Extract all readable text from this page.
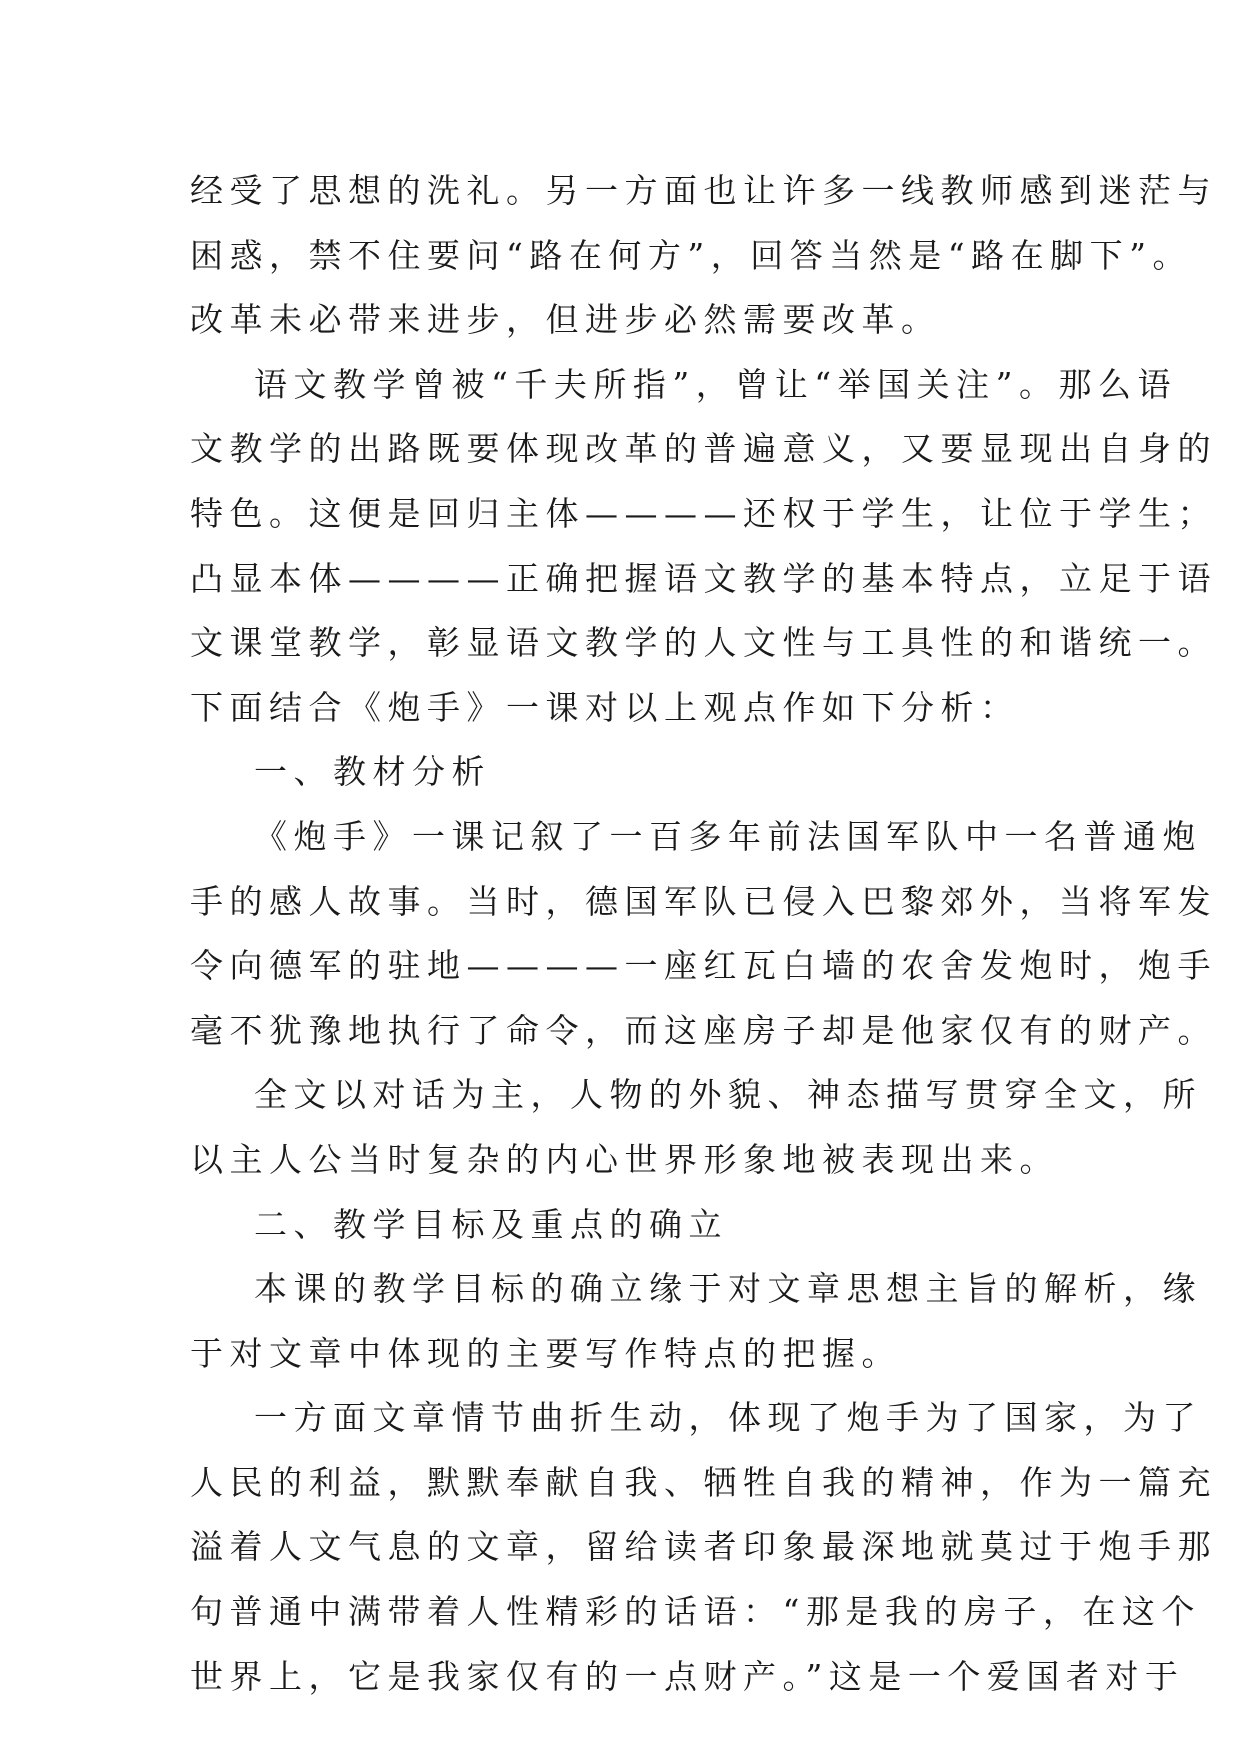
经受了思想的洗礼。另一方面也让许多一线教师感到迷茫与
困惑，禁不住要问“路在何方”，回答当然是“路在脚下”。
改革未必带来进步，但进步必然需要改革。
语文教学曾被“千夫所指”，曾让“举国关注”。那么语
文教学的出路既要体现改革的普遍意义，又要显现出自身的
特色。这便是回归主体————还权于学生，让位于学生；
凸显本体————正确把握语文教学的基本特点，立足于语
文课堂教学，彰显语文教学的人文性与工具性的和谐统一。
下面结合《炮手》一课对以上观点作如下分析：
一、教材分析
《炮手》一课记叙了一百多年前法国军队中一名普通炮
手的感人故事。当时，德国军队已侵入巴黎郊外，当将军发
令向德军的驻地————一座红瓦白墙的农舍发炮时，炮手
毫不犹豫地执行了命令，而这座房子却是他家仅有的财产。
全文以对话为主，人物的外貌、神态描写贯穿全文，所
以主人公当时复杂的内心世界形象地被表现出来。
二、教学目标及重点的确立
本课的教学目标的确立缘于对文章思想主旨的解析，缘
于对文章中体现的主要写作特点的把握。
一方面文章情节曲折生动，体现了炮手为了国家，为了
人民的利益，默默奉献自我、牺牲自我的精神，作为一篇充
溢着人文气息的文章，留给读者印象最深地就莫过于炮手那
句普通中满带着人性精彩的话语：“那是我的房子，在这个
世界上，它是我家仅有的一点财产。”这是一个爱国者对于
